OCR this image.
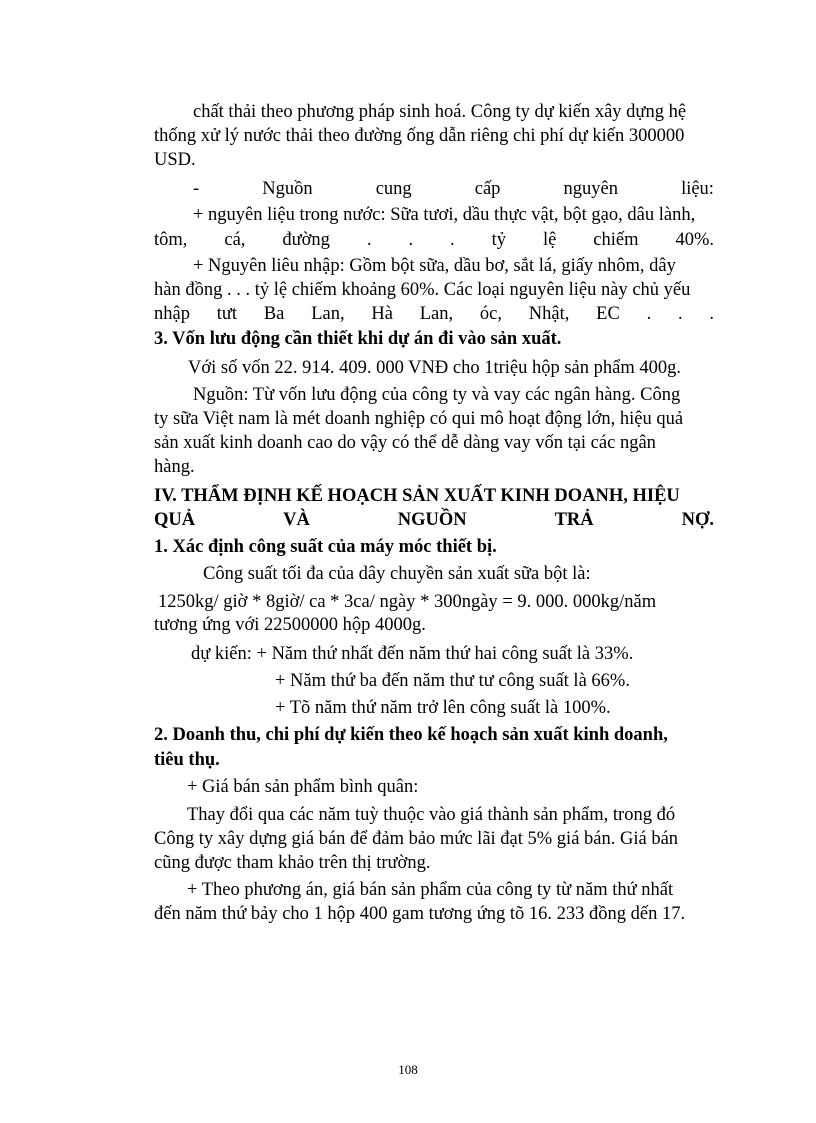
chất thải theo phương pháp sinh hoá. Công ty dự kiến xây dựng hệ
thống xử lý nước thải theo đường ống dẫn riêng chi phí dự kiến 300000
USD.
-	Nguồn	cung	cấp	nguyên	liệu:
+ nguyên liệu trong nước: Sữa tươi, dầu thực vật, bột gạo, dâu lành,
tôm, cá, đường . . . tỷ lệ chiếm 40%.
+ Nguyên liêu nhập: Gồm bột sữa, dầu bơ, sắt lá, giấy nhôm, dây
hàn đồng . . . tỷ lệ chiếm khoảng 60%. Các loại nguyên liệu này chủ yếu
nhập tưt Ba Lan, Hà Lan, óc, Nhật, EC . . .
3. Vốn lưu động cần thiết khi dự án đi vào sản xuất.
Với số vốn 22. 914. 409. 000 VNĐ cho 1triệu hộp sản phẩm 400g.
Nguồn: Từ vốn lưu động của công ty và vay các ngân hàng. Công
ty sữa Việt nam là mét doanh nghiệp có qui mô hoạt động lớn, hiệu quả
sản xuất kinh doanh cao do vậy có thể dễ dàng vay vốn tại các ngân
hàng.
IV. THẨM ĐỊNH KẾ HOẠCH SẢN XUẤT KINH DOANH, HIỆU
QUẢ	VÀ	NGUỒN	TRẢ	NỢ.
1. Xác định công suất của máy móc thiết bị.
Công suất tối đa của dây chuyền sản xuất sữa bột là:
1250kg/ giờ * 8giờ/ ca * 3ca/ ngày * 300ngày = 9. 000. 000kg/năm
tương ứng với 22500000 hộp 4000g.
dự kiến: + Năm thứ nhất đến năm thứ hai công suất là 33%.
+ Năm thứ ba đến năm thư tư công suất là 66%.
+ Tõ năm thứ năm trở lên công suất là 100%.
2. Doanh thu, chi phí dự kiến theo kế hoạch sản xuất kinh doanh,
tiêu thụ.
+ Giá bán sản phẩm bình quân:
Thay đổi qua các năm tuỳ thuộc vào giá thành sản phẩm, trong đó
Công ty xây dựng giá bán để đảm bảo mức lãi đạt 5% giá bán. Giá bán
cũng được tham khảo trên thị trường.
+ Theo phương án, giá bán sản phẩm của công ty từ năm thứ nhất
đến năm thứ bảy cho 1 hộp 400 gam tương ứng tõ 16. 233 đồng dến 17.
108
